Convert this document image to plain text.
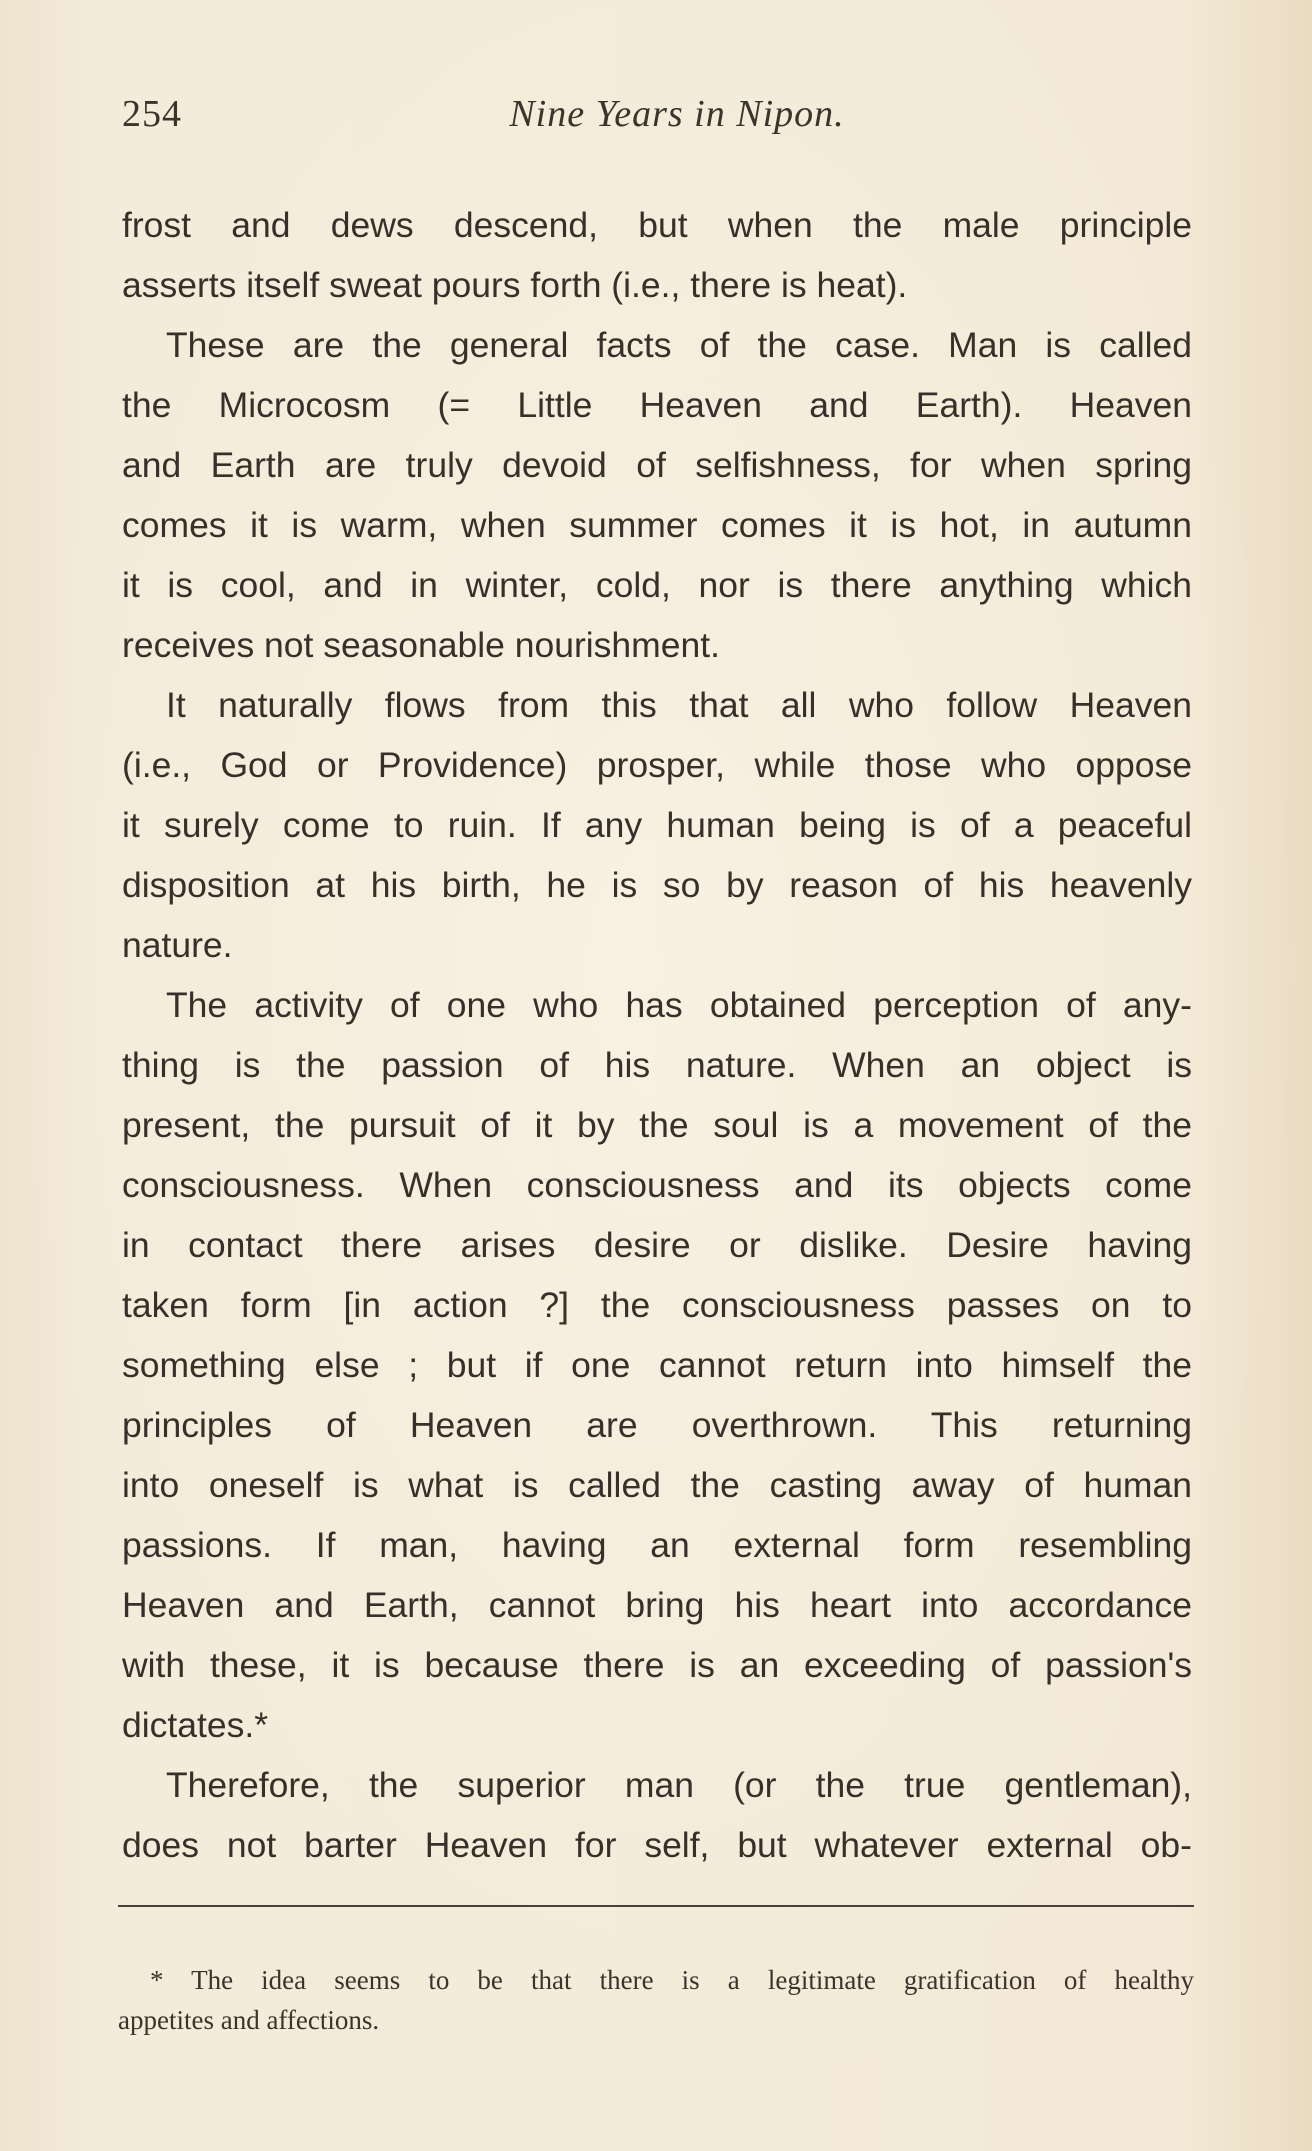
254	Nine Years in Nipon.
frost and dews descend, but when the male principle
asserts itself sweat pours forth (i.e., there is heat).
These are the general facts of the case. Man is called
the Microcosm (= Little Heaven and Earth). Heaven
and Earth are truly devoid of selfishness, for when spring
comes it is warm, when summer comes it is hot, in autumn
it is cool, and in winter, cold, nor is there anything which
receives not seasonable nourishment.
It naturally flows from this that all who follow Heaven
(i.e., God or Providence) prosper, while those who oppose
it surely come to ruin. If any human being is of a peaceful
disposition at his birth, he is so by reason of his heavenly
nature.
The activity of one who has obtained perception of any-
thing is the passion of his nature. When an object is
present, the pursuit of it by the soul is a movement of the
consciousness. When consciousness and its objects come
in contact there arises desire or dislike. Desire having
taken form [in action ?] the consciousness passes on to
something else ; but if one cannot return into himself the
principles of Heaven are overthrown. This returning
into oneself is what is called the casting away of human
passions. If man, having an external form resembling
Heaven and Earth, cannot bring his heart into accordance
with these, it is because there is an exceeding of passion's
dictates.*
Therefore, the superior man (or the true gentleman),
does not barter Heaven for self, but whatever external ob-
* The idea seems to be that there is a legitimate gratification of healthy
appetites and affections.
